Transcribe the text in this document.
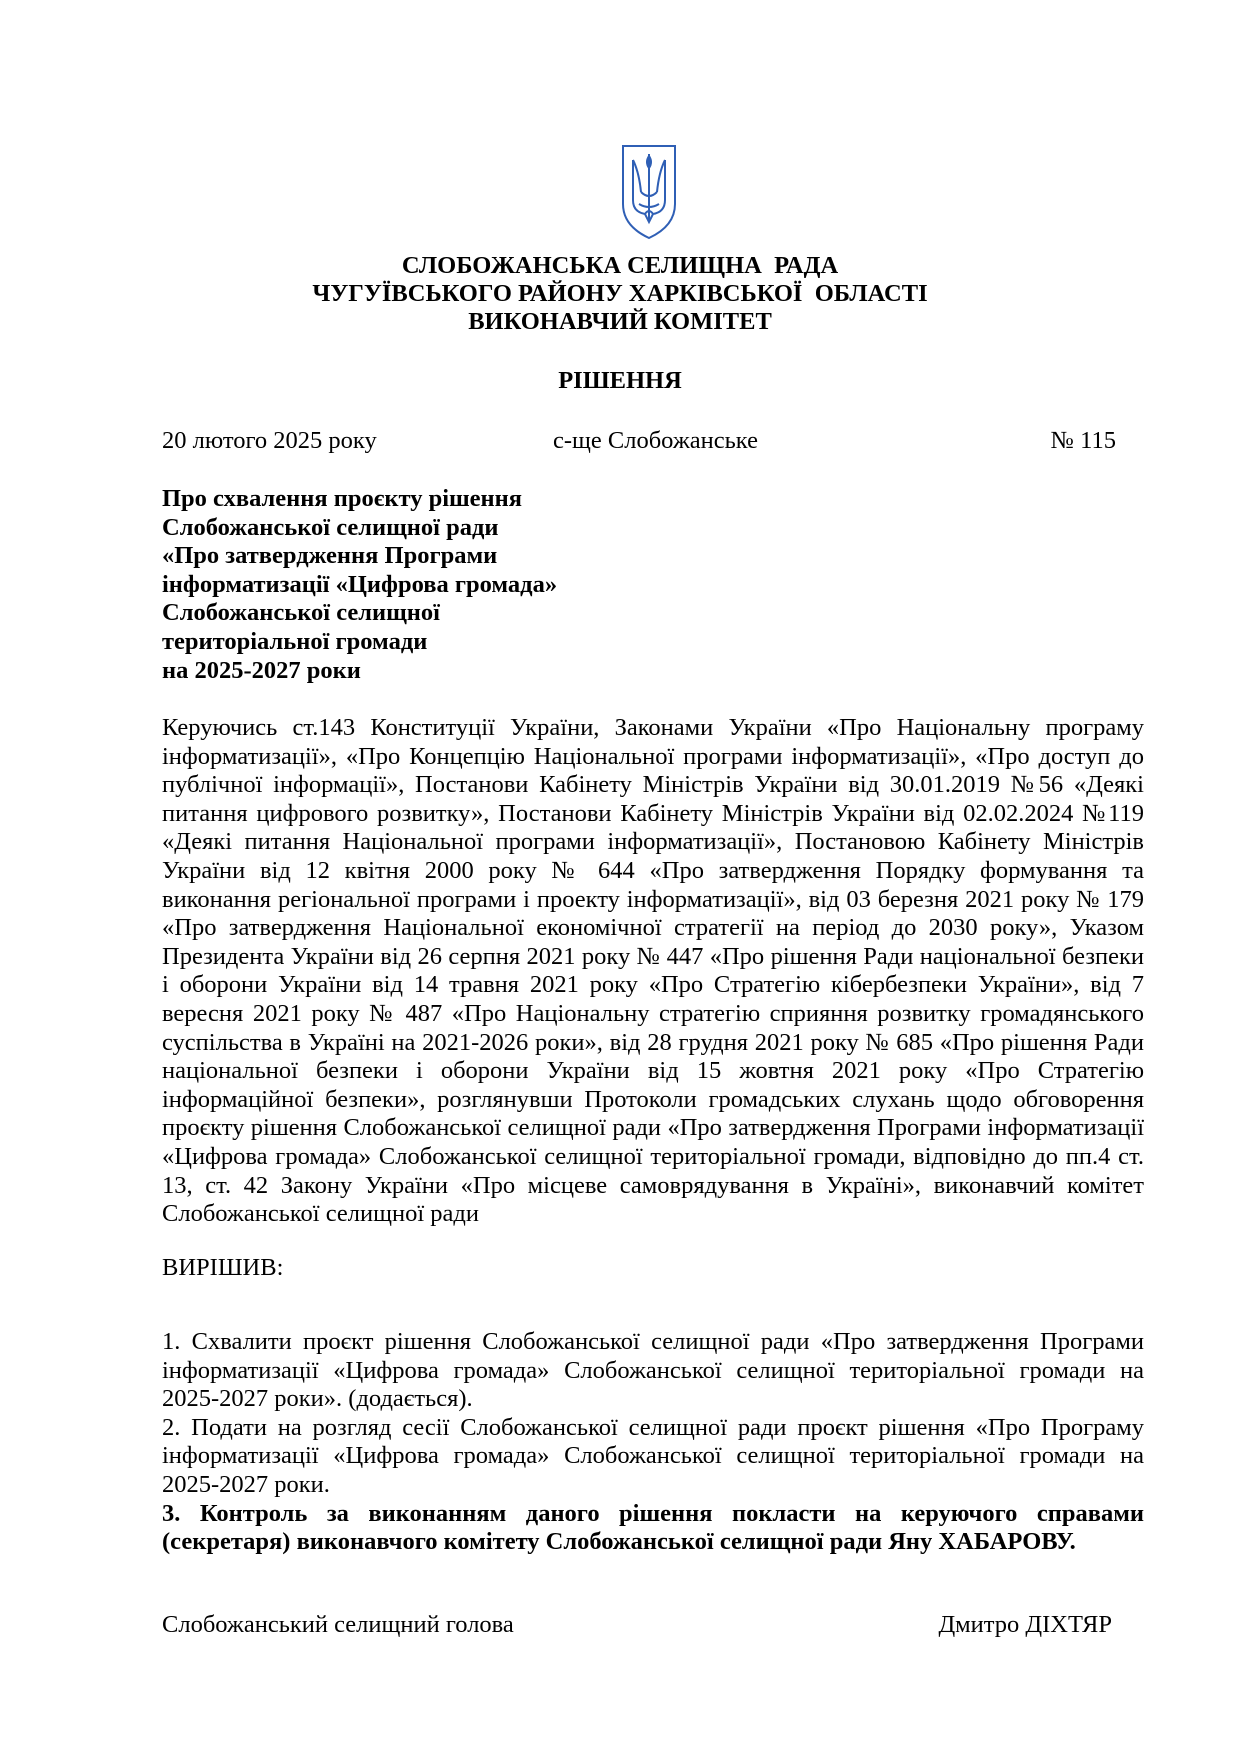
СЛОБОЖАНСЬКА СЕЛИЩНА  РАДА
ЧУГУЇВСЬКОГО РАЙОНУ ХАРКІВСЬКОЇ  ОБЛАСТІ
ВИКОНАВЧИЙ КОМІТЕТ
РІШЕННЯ
20 лютого 2025 року	с-ще Слобожанське	№ 115
Про схвалення проєкту рішення
Слобожанської селищної ради
«Про затвердження Програми
інформатизації «Цифрова громада»
Слобожанської селищної
територіальної громади
на 2025-2027 роки
Керуючись ст.143 Конституції України, Законами України «Про Національну програму інформатизації», «Про Концепцію Національної програми інформатизації», «Про доступ до публічної інформації», Постанови Кабінету Міністрів України від 30.01.2019 №56 «Деякі питання цифрового розвитку», Постанови Кабінету Міністрів України від 02.02.2024 №119 «Деякі питання Національної програми інформатизації», Постановою Кабінету Міністрів України від 12 квітня 2000 року № 644 «Про затвердження Порядку формування та виконання регіональної програми і проекту інформатизації», від 03 березня 2021 року № 179 «Про затвердження Національної економічної стратегії на період до 2030 року», Указом Президента України від 26 серпня 2021 року № 447 «Про рішення Ради національної безпеки і оборони України від 14 травня 2021 року «Про Стратегію кібербезпеки України», від 7 вересня 2021 року № 487 «Про Національну стратегію сприяння розвитку громадянського суспільства в Україні на 2021-2026 роки», від 28 грудня 2021 року № 685 «Про рішення Ради національної безпеки і оборони України від 15 жовтня 2021 року «Про Стратегію інформаційної безпеки», розглянувши Протоколи громадських слухань щодо обговорення проєкту рішення Слобожанської селищної ради «Про затвердження Програми інформатизації «Цифрова громада» Слобожанської селищної територіальної громади, відповідно до пп.4 ст. 13, ст. 42 Закону України «Про місцеве самоврядування в Україні», виконавчий комітет Слобожанської селищної ради
ВИРІШИВ:

1. Схвалити проєкт рішення Слобожанської селищної ради «Про затвердження Програми інформатизації «Цифрова громада» Слобожанської селищної територіальної громади на 2025-2027 роки». (додається).

2. Подати на розгляд сесії Слобожанської селищної ради проєкт рішення «Про Програму інформатизації «Цифрова громада» Слобожанської селищної територіальної громади на 2025-2027 роки.

3. Контроль за виконанням даного рішення покласти на керуючого справами (секретаря) виконавчого комітету Слобожанської селищної ради Яну ХАБАРОВУ.

Слобожанський селищний голова	Дмитро ДІХТЯР
